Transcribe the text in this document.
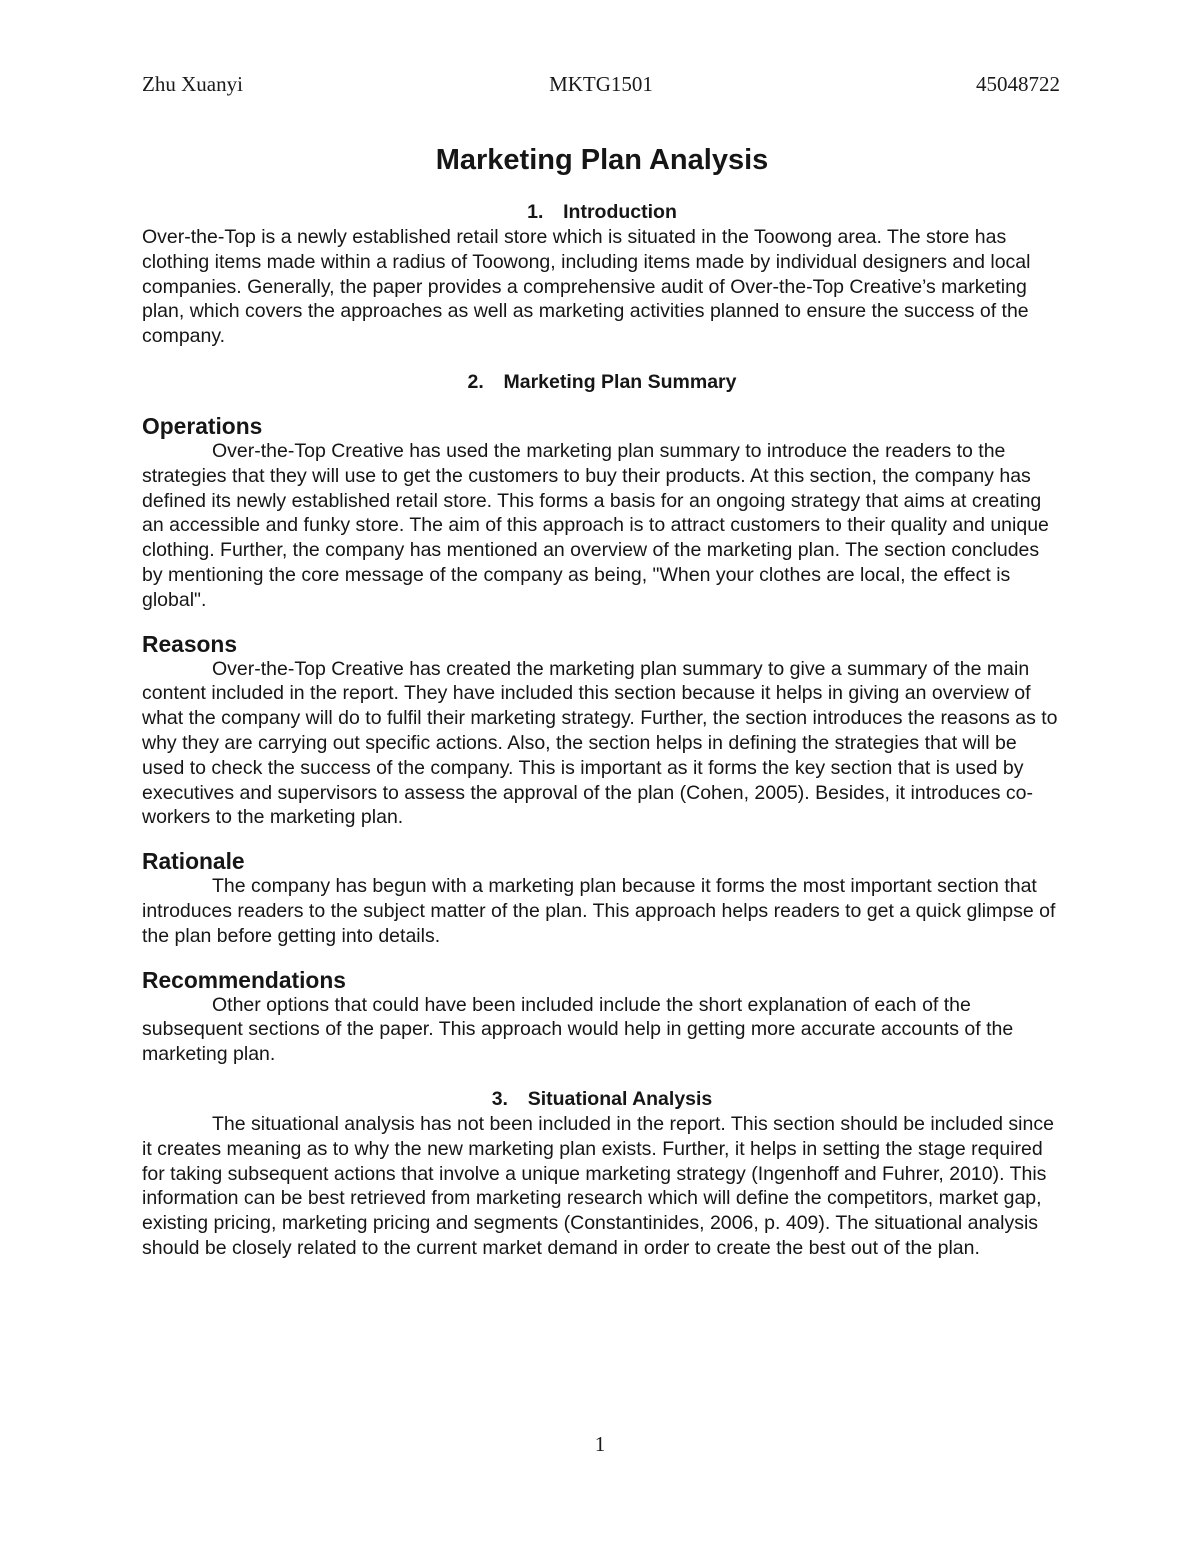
Zhu Xuanyi	MKTG1501	45048722
Marketing Plan Analysis
1. Introduction

Over-the-Top is a newly established retail store which is situated in the Toowong area. The store has clothing items made within a radius of Toowong, including items made by individual designers and local companies. Generally, the paper provides a comprehensive audit of Over-the-Top Creative’s marketing plan, which covers the approaches as well as marketing activities planned to ensure the success of the company.

2. Marketing Plan Summary
Operations

Over-the-Top Creative has used the marketing plan summary to introduce the readers to the strategies that they will use to get the customers to buy their products. At this section, the company has defined its newly established retail store. This forms a basis for an ongoing strategy that aims at creating an accessible and funky store. The aim of this approach is to attract customers to their quality and unique clothing. Further, the company has mentioned an overview of the marketing plan. The section concludes by mentioning the core message of the company as being, "When your clothes are local, the effect is global".

Reasons

Over-the-Top Creative has created the marketing plan summary to give a summary of the main content included in the report. They have included this section because it helps in giving an overview of what the company will do to fulfil their marketing strategy. Further, the section introduces the reasons as to why they are carrying out specific actions. Also, the section helps in defining the strategies that will be used to check the success of the company. This is important as it forms the key section that is used by executives and supervisors to assess the approval of the plan (Cohen, 2005). Besides, it introduces co-workers to the marketing plan.

Rationale

The company has begun with a marketing plan because it forms the most important section that introduces readers to the subject matter of the plan. This approach helps readers to get a quick glimpse of the plan before getting into details.

Recommendations

Other options that could have been included include the short explanation of each of the subsequent sections of the paper. This approach would help in getting more accurate accounts of the marketing plan.

3. Situational Analysis

The situational analysis has not been included in the report. This section should be included since it creates meaning as to why the new marketing plan exists. Further, it helps in setting the stage required for taking subsequent actions that involve a unique marketing strategy (Ingenhoff and Fuhrer, 2010). This information can be best retrieved from marketing research which will define the competitors, market gap, existing pricing, marketing pricing and segments (Constantinides, 2006, p. 409). The situational analysis should be closely related to the current market demand in order to create the best out of the plan.

1
